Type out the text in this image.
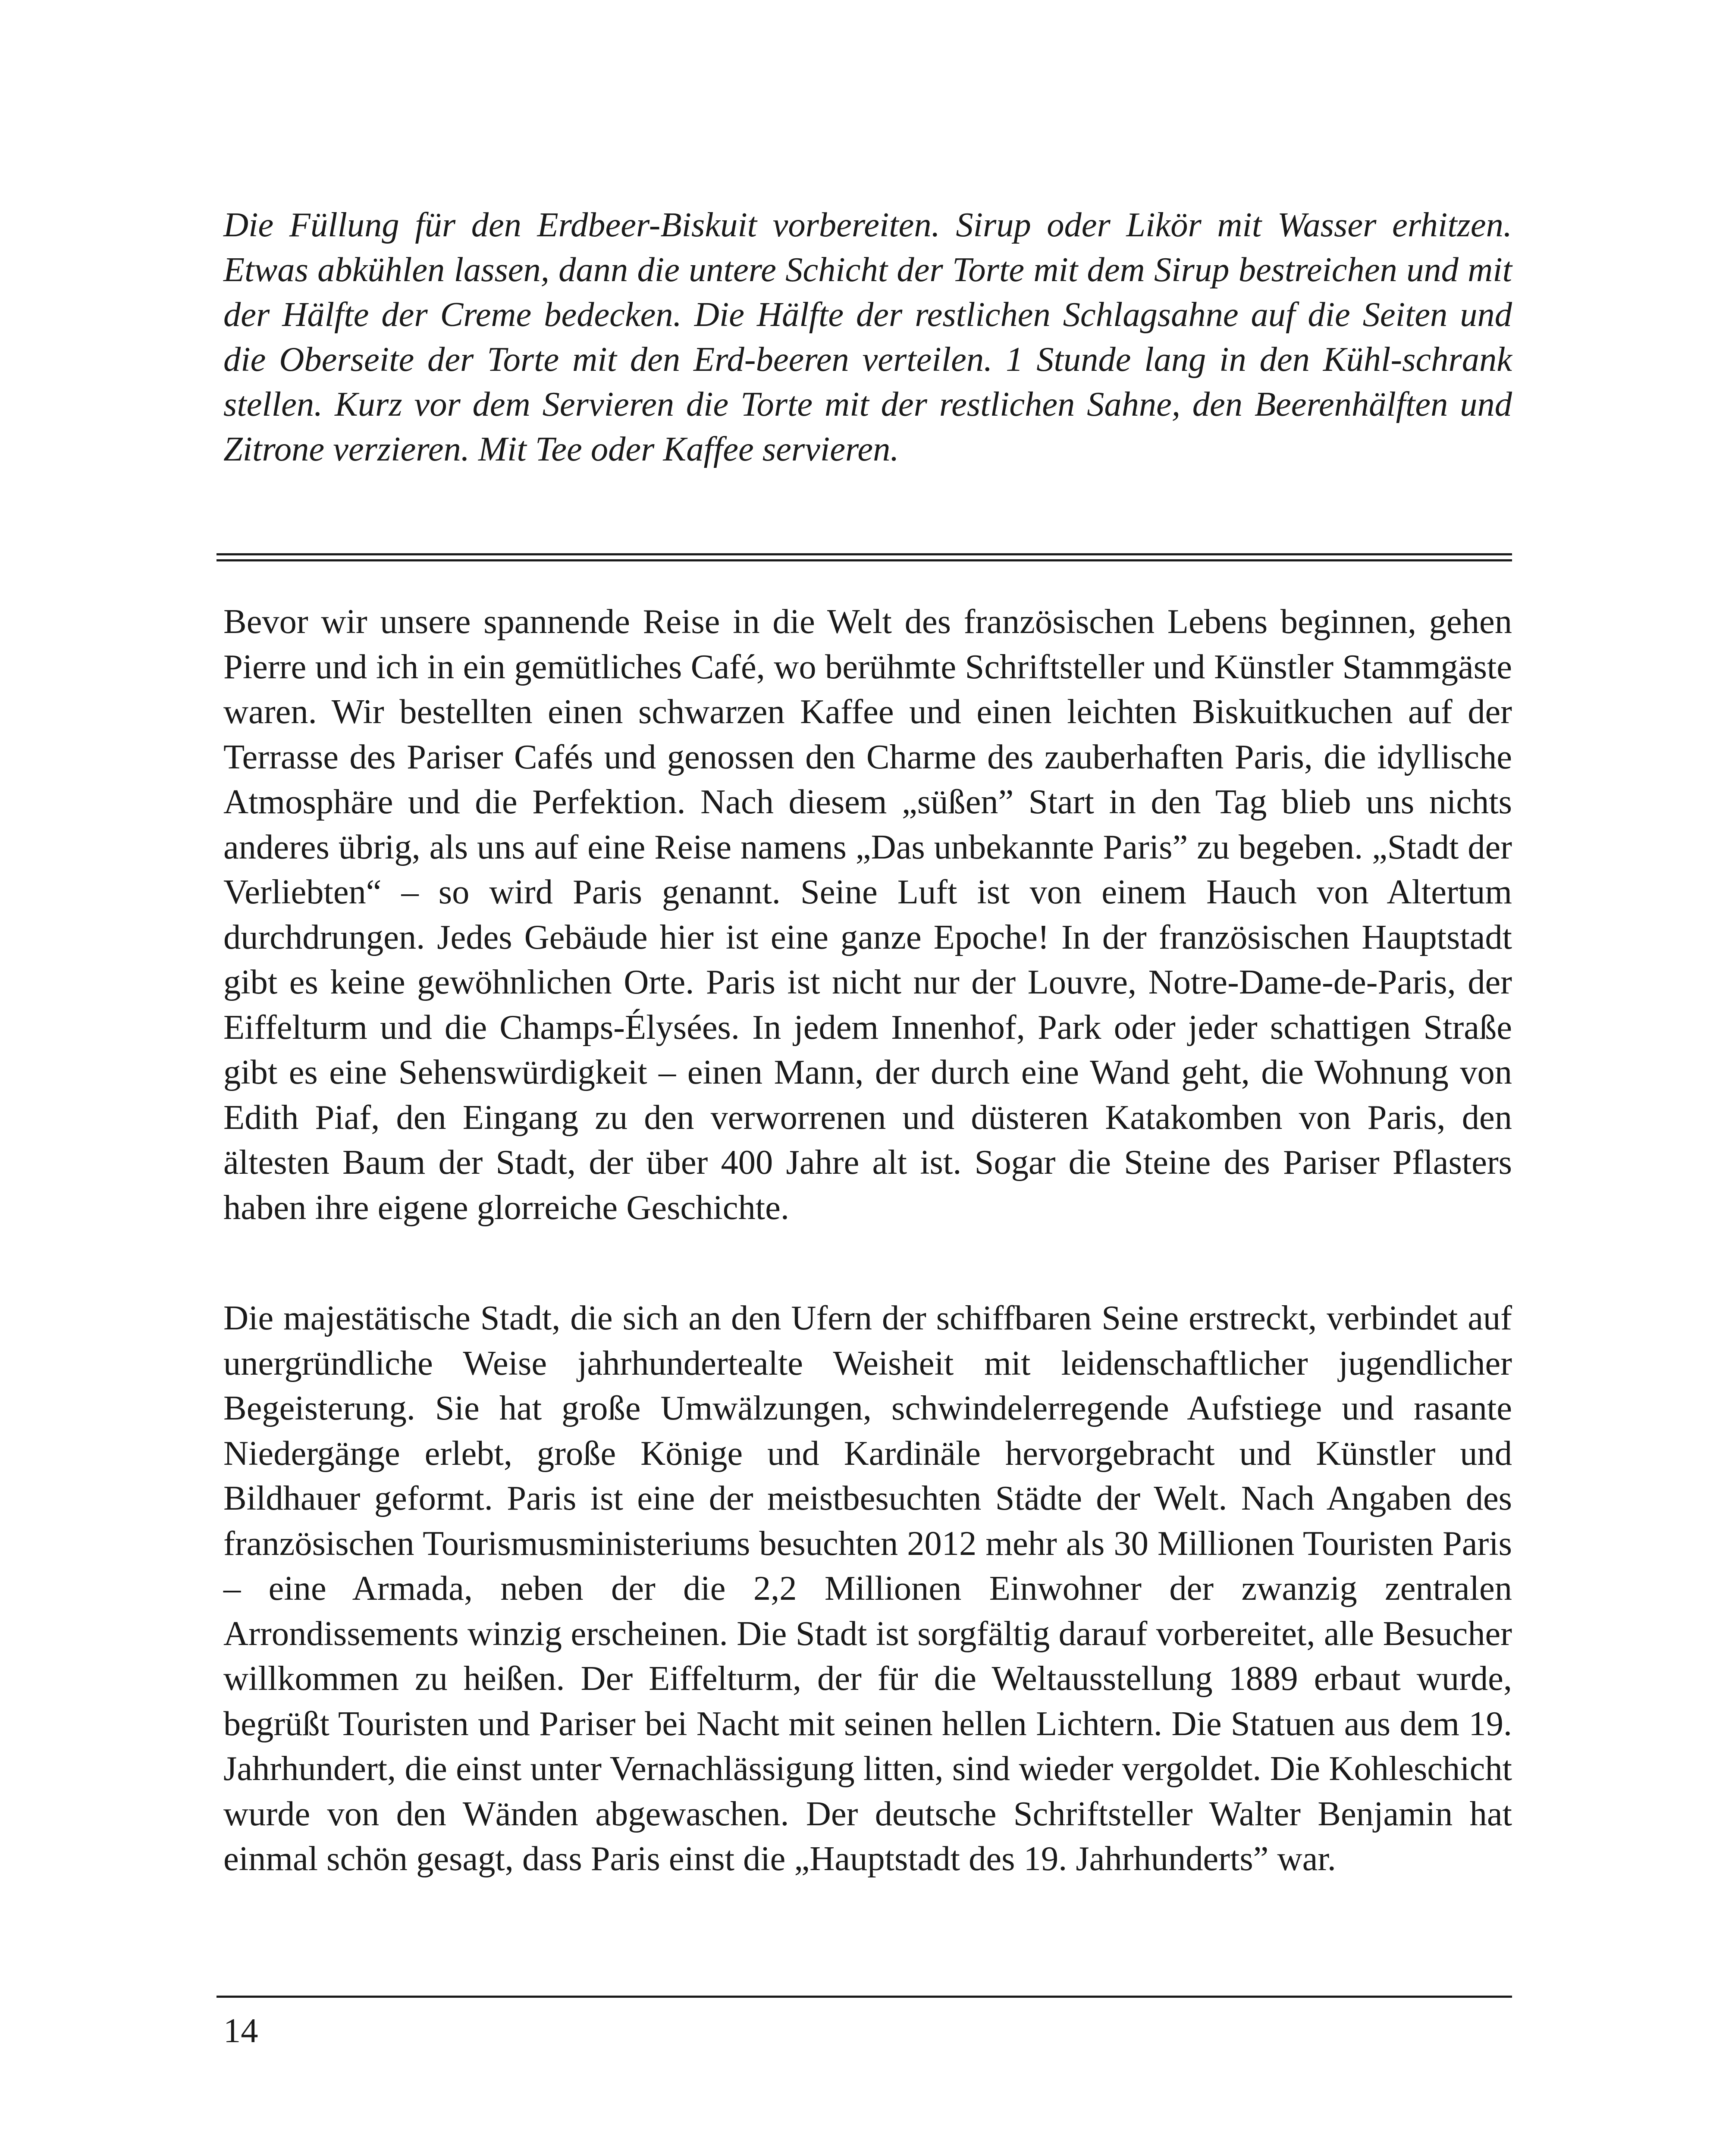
Die Füllung für den Erdbeer-Biskuit vorbereiten. Sirup oder Likör mit Wasser erhitzen. Etwas abkühlen lassen, dann die untere Schicht der Torte mit dem Sirup bestreichen und mit der Hälfte der Creme bedecken. Die Hälfte der restlichen Schlagsahne auf die Seiten und die Oberseite der Torte mit den Erd-beeren verteilen. 1 Stunde lang in den Kühl-schrank stellen. Kurz vor dem Servieren die Torte mit der restlichen Sahne, den Beerenhälften und Zitrone verzieren. Mit Tee oder Kaffee servieren.

Bevor wir unsere spannende Reise in die Welt des französischen Lebens beginnen, gehen Pierre und ich in ein gemütliches Café, wo berühmte Schriftsteller und Künstler Stammgäste waren. Wir bestellten einen schwarzen Kaffee und einen leichten Biskuitkuchen auf der Terrasse des Pariser Cafés und genossen den Charme des zauberhaften Paris, die idyllische Atmosphäre und die Perfektion. Nach diesem „süßen” Start in den Tag blieb uns nichts anderes übrig, als uns auf eine Reise namens „Das unbekannte Paris” zu begeben. „Stadt der Verliebten“ – so wird Paris genannt. Seine Luft ist von einem Hauch von Altertum durchdrungen. Jedes Gebäude hier ist eine ganze Epoche! In der französischen Hauptstadt gibt es keine gewöhnlichen Orte. Paris ist nicht nur der Louvre, Notre-Dame-de-Paris, der Eiffelturm und die Champs-Élysées. In jedem Innenhof, Park oder jeder schattigen Straße gibt es eine Sehenswürdigkeit – einen Mann, der durch eine Wand geht, die Wohnung von Edith Piaf, den Eingang zu den verworrenen und düsteren Katakomben von Paris, den ältesten Baum der Stadt, der über 400 Jahre alt ist. Sogar die Steine des Pariser Pflasters haben ihre eigene glorreiche Geschichte.

Die majestätische Stadt, die sich an den Ufern der schiffbaren Seine erstreckt, verbindet auf unergründliche Weise jahrhundertealte Weisheit mit leidenschaftlicher jugendlicher Begeisterung. Sie hat große Umwälzungen, schwindelerregende Aufstiege und rasante Niedergänge erlebt, große Könige und Kardinäle hervorgebracht und Künstler und Bildhauer geformt. Paris ist eine der meistbesuchten Städte der Welt. Nach Angaben des französischen Tourismusministeriums besuchten 2012 mehr als 30 Millionen Touristen Paris – eine Armada, neben der die 2,2 Millionen Einwohner der zwanzig zentralen Arrondissements winzig erscheinen. Die Stadt ist sorgfältig darauf vorbereitet, alle Besucher willkommen zu heißen. Der Eiffelturm, der für die Weltausstellung 1889 erbaut wurde, begrüßt Touristen und Pariser bei Nacht mit seinen hellen Lichtern. Die Statuen aus dem 19. Jahrhundert, die einst unter Vernachlässigung litten, sind wieder vergoldet. Die Kohleschicht wurde von den Wänden abgewaschen. Der deutsche Schriftsteller Walter Benjamin hat einmal schön gesagt, dass Paris einst die „Hauptstadt des 19. Jahrhunderts” war.

14
